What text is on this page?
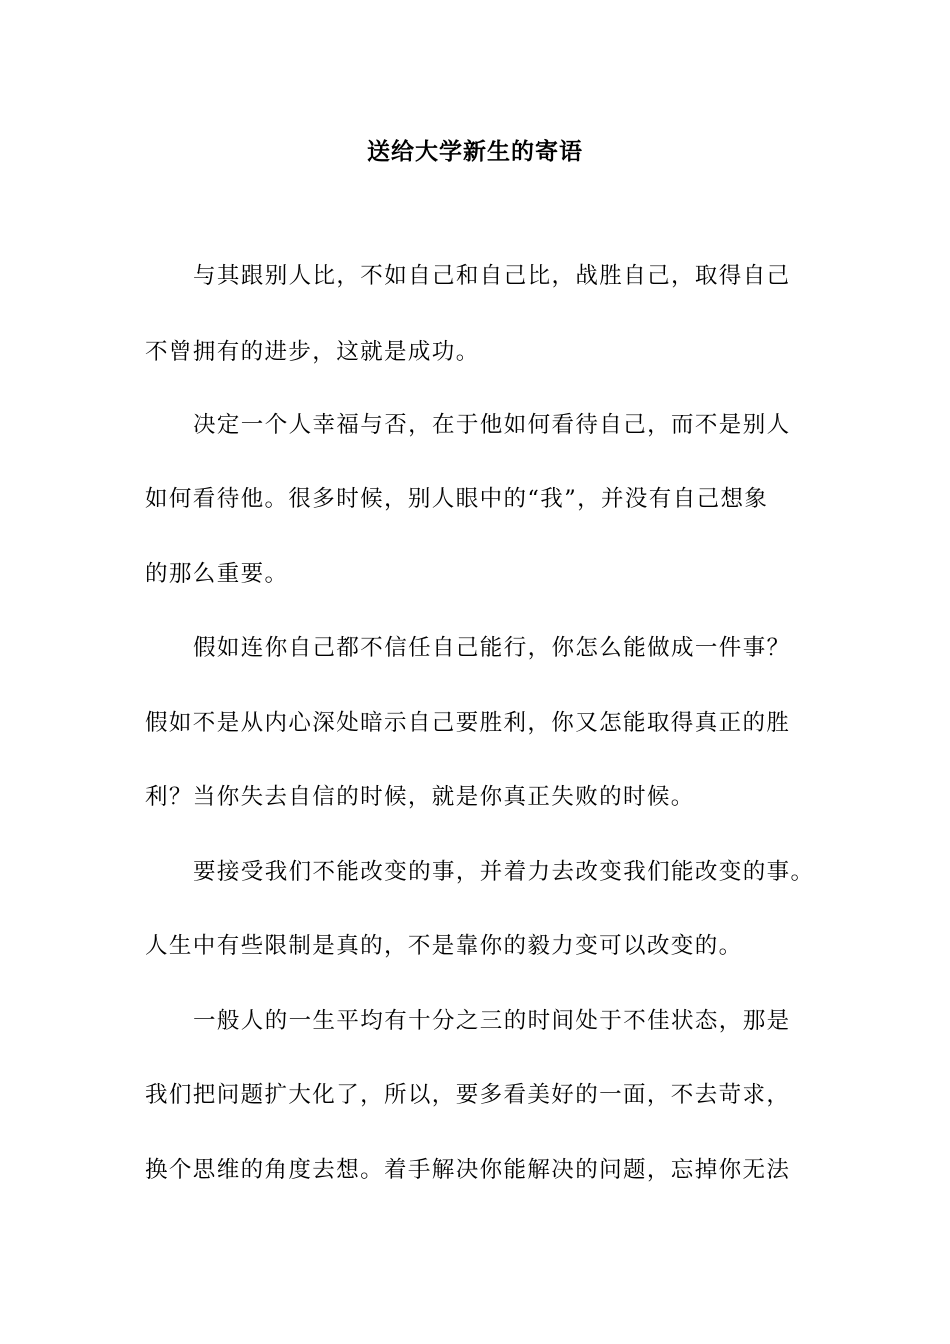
送给大学新生的寄语
与其跟别人比，不如自己和自己比，战胜自己，取得自己
不曾拥有的进步，这就是成功。
决定一个人幸福与否，在于他如何看待自己，而不是别人
如何看待他。很多时候，别人眼中的“我”，并没有自己想象
的那么重要。
假如连你自己都不信任自己能行，你怎么能做成一件事？
假如不是从内心深处暗示自己要胜利，你又怎能取得真正的胜
利？当你失去自信的时候，就是你真正失败的时候。
要接受我们不能改变的事，并着力去改变我们能改变的事。
人生中有些限制是真的，不是靠你的毅力变可以改变的。
一般人的一生平均有十分之三的时间处于不佳状态，那是
我们把问题扩大化了，所以，要多看美好的一面，不去苛求，
换个思维的角度去想。着手解决你能解决的问题，忘掉你无法
